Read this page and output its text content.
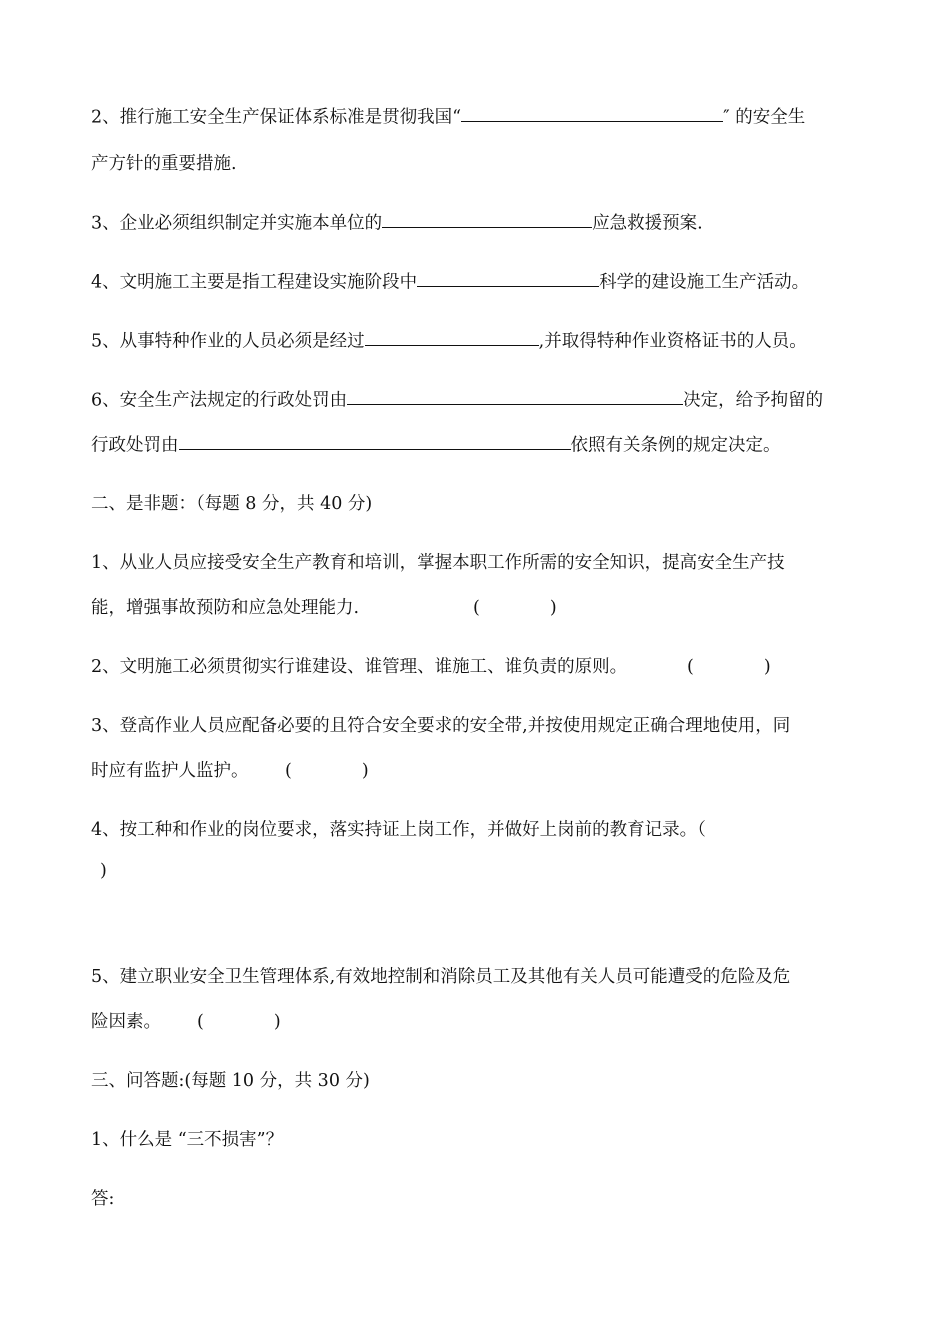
2、推行施工安全生产保证体系标准是贯彻我国“	″ 的安全生
产方针的重要措施.
3、企业必须组织制定并实施本单位的	应急救援预案.
4、文明施工主要是指工程建设实施阶段中	科学的建设施工生产活动。
5、从事特种作业的人员必须是经过	,并取得特种作业资格证书的人员。
6、安全生产法规定的行政处罚由	决定，给予拘留的
行政处罚由	依照有关条例的规定决定。
二、是非题：（每题 8 分，共 40 分)
1、从业人员应接受安全生产教育和培训，掌握本职工作所需的安全知识，提高安全生产技
能，增强事故预防和应急处理能力.	(　　　　)
2、文明施工必须贯彻实行谁建设、谁管理、谁施工、谁负责的原则。	(　　　　)
3、登高作业人员应配备必要的且符合安全要求的安全带,并按使用规定正确合理地使用，同
时应有监护人监护。 (　　　　)
4、按工种和作业的岗位要求，落实持证上岗工作，并做好上岗前的教育记录。（
)
5、建立职业安全卫生管理体系,有效地控制和消除员工及其他有关人员可能遭受的危险及危
险因素。 (　　　　)
三、问答题:(每题 10 分，共 30 分)
1、什么是 “三不损害”？
答:
